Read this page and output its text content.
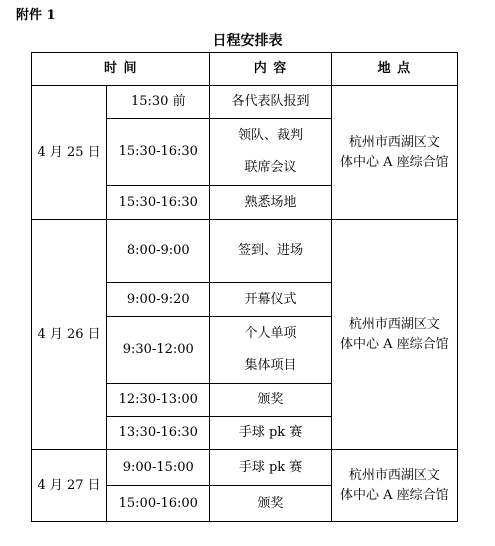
附件 1
日程安排表
时 间		内 容	地 点
4 月 25 日	15:30 前	各代表队报到	杭州市西湖区文
体中心 A 座综合馆

	15:30-16:30	领队、裁判
联席会议	

	15:30-16:30	熟悉场地	
4 月 26 日	8:00-9:00	签到、进场	杭州市西湖区文
体中心 A 座综合馆

	9:00-9:20	开幕仪式	
	9:30-12:00	个人单项
集体项目	

	12:30-13:00	颁奖	
	13:30-16:30	手球 pk 赛	
4 月 27 日	9:00-15:00	手球 pk 赛	杭州市西湖区文
体中心 A 座综合馆

	15:00-16:00	颁奖	
